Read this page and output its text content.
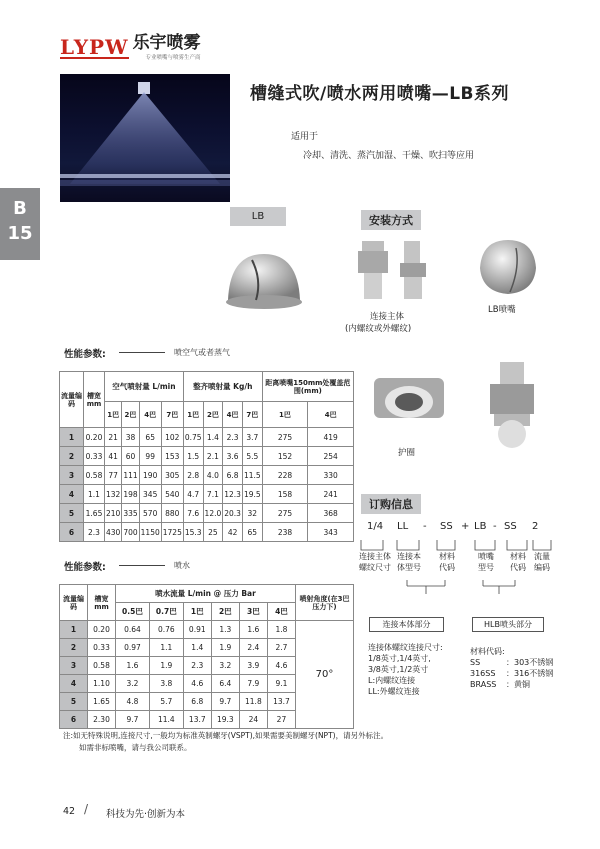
LYPW 乐宇喷雾
专业喷嘴与喷雾生产商
槽缝式吹/喷水两用喷嘴—LB系列
适用于
冷却、清洗、蒸汽加湿、干燥、吹扫等应用
B
15
LB	安装方式
连接主体
(内螺纹或外螺纹)
LB喷嘴
护圈
性能参数:	喷空气或者蒸气
流量编码	槽宽mm	空气喷射量 L/min				整齐喷射量 Kg/h				距离喷嘴150mm处覆盖范围(mm)	
		1巴	2巴	4巴	7巴	1巴	2巴	4巴	7巴	1巴	4巴
1	0.20	21	38	65	102	0.75	1.4	2.3	3.7	275	419
2	0.33	41	60	99	153	1.5	2.1	3.6	5.5	152	254
3	0.58	77	111	190	305	2.8	4.0	6.8	11.5	228	330
4	1.1	132	198	345	540	4.7	7.1	12.3	19.5	158	241
5	1.65	210	335	570	880	7.6	12.0	20.3	32	275	368
6	2.3	430	700	1150	1725	15.3	25	42	65	238	343
性能参数:	喷水
流量编码	槽宽mm	喷水流量 L/min @ 压力 Bar						喷射角度(在3巴压力下)
		0.5巴	0.7巴	1巴	2巴	3巴	4巴	
1	0.20	0.64	0.76	0.91	1.3	1.6	1.8	70°
2	0.33	0.97	1.1	1.4	1.9	2.4	2.7	
3	0.58	1.6	1.9	2.3	3.2	3.9	4.6	
4	1.10	3.2	3.8	4.6	6.4	7.9	9.1	
5	1.65	4.8	5.7	6.8	9.7	11.8	13.7	
6	2.30	9.7	11.4	13.7	19.3	24	27	
订购信息
1/4 LL - SS + LB - SS 2
连接主体
螺纹尺寸
连接本
体型号
材料
代码
喷嘴
型号
材料
代码
流量
编码
连接本体部分	HLB喷头部分
连接体螺纹连接尺寸:
1/8英寸,1/4英寸,
3/8英寸,1/2英寸
L:内螺纹连接
LL:外螺纹连接
材料代码:
SS	：303不锈钢
316SS ：316不锈钢
BRASS ：黄铜
注:如无特殊说明,连接尺寸,一般均为标准英制螺牙(VSPT),如果需要美制螺牙(NPT)，请另外标注。
如需非标喷嘴，请与我公司联系。
42 / 科技为先·创新为本
